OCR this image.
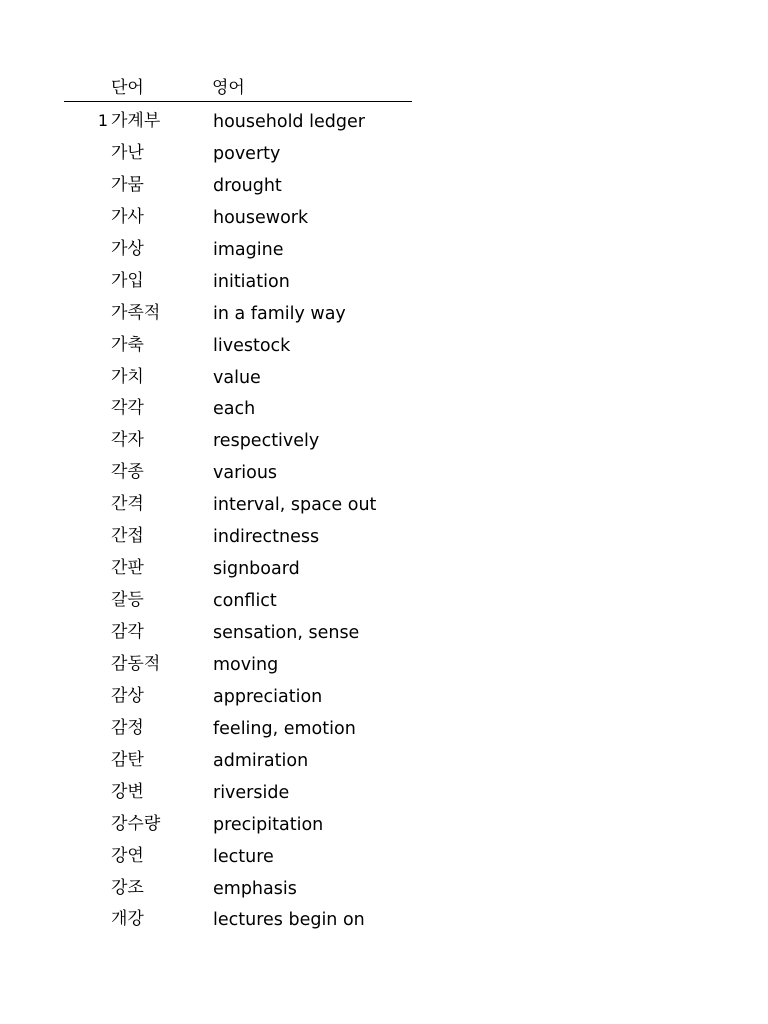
단어	영어
1 가계부	household ledger
가난	poverty
가뭄	drought
가사	housework
가상	imagine
가입	initiation
가족적	in a family way
가축	livestock
가치	value
각각	each
각자	respectively
각종	various
간격	interval, space out
간접	indirectness
간판	signboard
갈등	conflict
감각	sensation, sense
감동적	moving
감상	appreciation
감정	feeling, emotion
감탄	admiration
강변	riverside
강수량	precipitation
강연	lecture
강조	emphasis
개강	lectures begin on
